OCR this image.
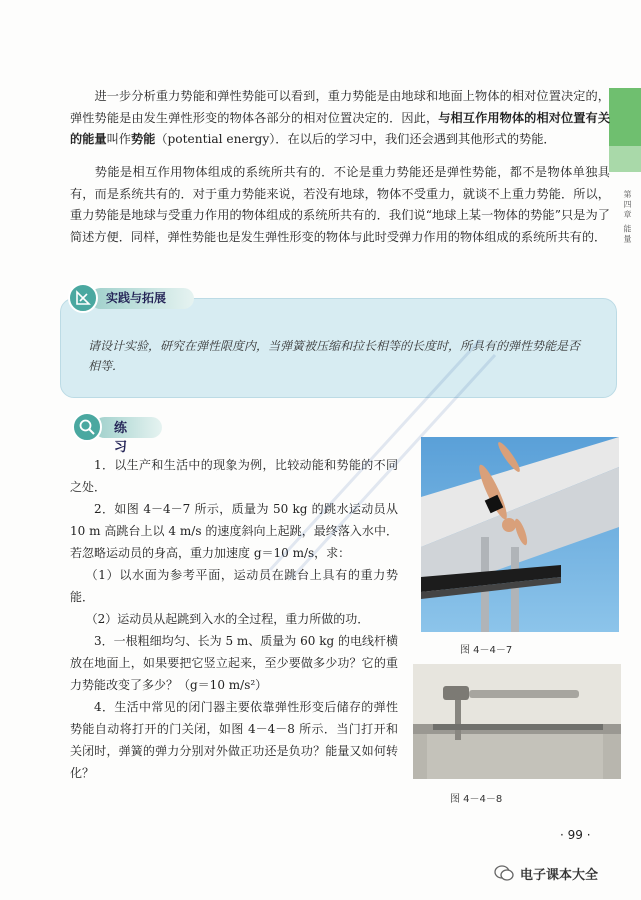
第四章 能量
进一步分析重力势能和弹性势能可以看到，重力势能是由地球和地面上物体的相对位置决定的，弹性势能是由发生弹性形变的物体各部分的相对位置决定的．因此，与相互作用物体的相对位置有关的能量叫作势能（potential energy）．在以后的学习中，我们还会遇到其他形式的势能．
势能是相互作用物体组成的系统所共有的．不论是重力势能还是弹性势能，都不是物体单独具有，而是系统共有的．对于重力势能来说，若没有地球，物体不受重力，就谈不上重力势能．所以，重力势能是地球与受重力作用的物体组成的系统所共有的．我们说“地球上某一物体的势能”只是为了简述方便．同样，弹性势能也是发生弹性形变的物体与此时受弹力作用的物体组成的系统所共有的．
实践与拓展
请设计实验，研究在弹性限度内，当弹簧被压缩和拉长相等的长度时，所具有的弹性势能是否相等．
练 习

1．以生产和生活中的现象为例，比较动能和势能的不同之处．

2．如图 4－4－7 所示，质量为 50 kg 的跳水运动员从 10 m 高跳台上以 4 m/s 的速度斜向上起跳，最终落入水中．若忽略运动员的身高，重力加速度 g＝10 m/s，求：

（1）以水面为参考平面，运动员在跳台上具有的重力势能．

（2）运动员从起跳到入水的全过程，重力所做的功．

3．一根粗细均匀、长为 5 m、质量为 60 kg 的电线杆横放在地面上，如果要把它竖立起来，至少要做多少功？它的重力势能改变了多少？（g＝10 m/s²）

4．生活中常见的闭门器主要依靠弹性形变后储存的弹性势能自动将打开的门关闭，如图 4－4－8 所示．当门打开和关闭时，弹簧的弹力分别对外做正功还是负功？能量又如何转化？

图 4－4－7
图 4－4－8
· 99 ·
电子课本大全
